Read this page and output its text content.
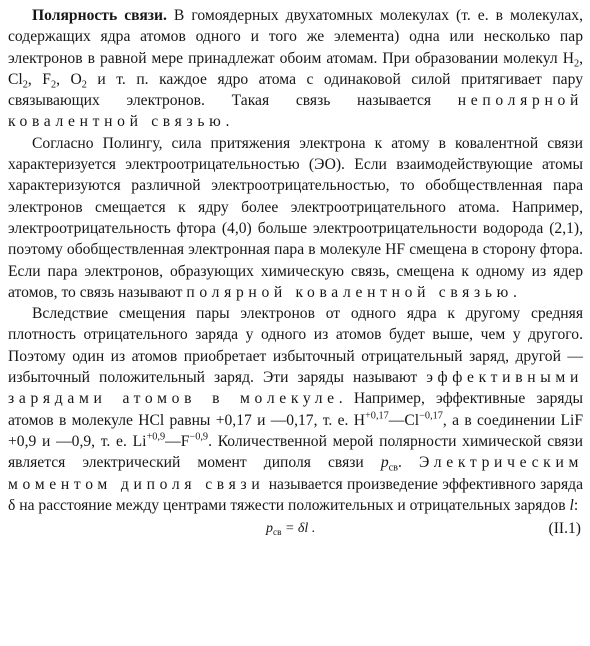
Полярность связи. В гомоядерных двухатомных молекулах (т. е. в молекулах, содержащих ядра атомов одного и того же элемента) одна или несколько пар электронов в равной мере принадлежат обоим атомам. При образовании молекул $H_2$, $Cl_2$, $F_2$, $O_2$ и т. п. каждое ядро атома с одинаковой силой притягивает пару связывающих электронов. Такая связь называется неполярной ковалентной связью.

Согласно Полингу, сила притяжения электрона к атому в ковалентной связи характеризуется электроотрицательностью (ЭО). Если взаимодействующие атомы характеризуются различной электроотрицательностью, то обобществленная пара электронов смещается к ядру более электроотрицательного атома. Например, электроотрицательность фтора (4,0) больше электроотрицательности водорода (2,1), поэтому обобществленная электронная пара в молекуле HF смещена в сторону фтора. Если пара электронов, образующих химическую связь, смещена к одному из ядер атомов, то связь называют полярной ковалентной связью.

Вследствие смещения пары электронов от одного ядра к другому средняя плотность отрицательного заряда у одного из атомов будет выше, чем у другого. Поэтому один из атомов приобретает избыточный отрицательный заряд, другой — избыточный положительный заряд. Эти заряды называют эффективными зарядами атомов в молекуле. Например, эффективные заряды атомов в молекуле HCl равны +0,17 и —0,17, т. е. $H^{+0,17}—Cl^{-0,17}$, а в соединении LiF +0,9 и —0,9, т. е. $Li^{+0,9}—F^{-0,9}$. Количественной мерой полярности химической связи является электрический момент диполя связи $p_{св}$. Электрическим моментом диполя связи называется произведение эффективного заряда δ на расстояние между центрами тяжести положительных и отрицательных зарядов l:

$p_{св} = \delta l$ .	(II.1)
